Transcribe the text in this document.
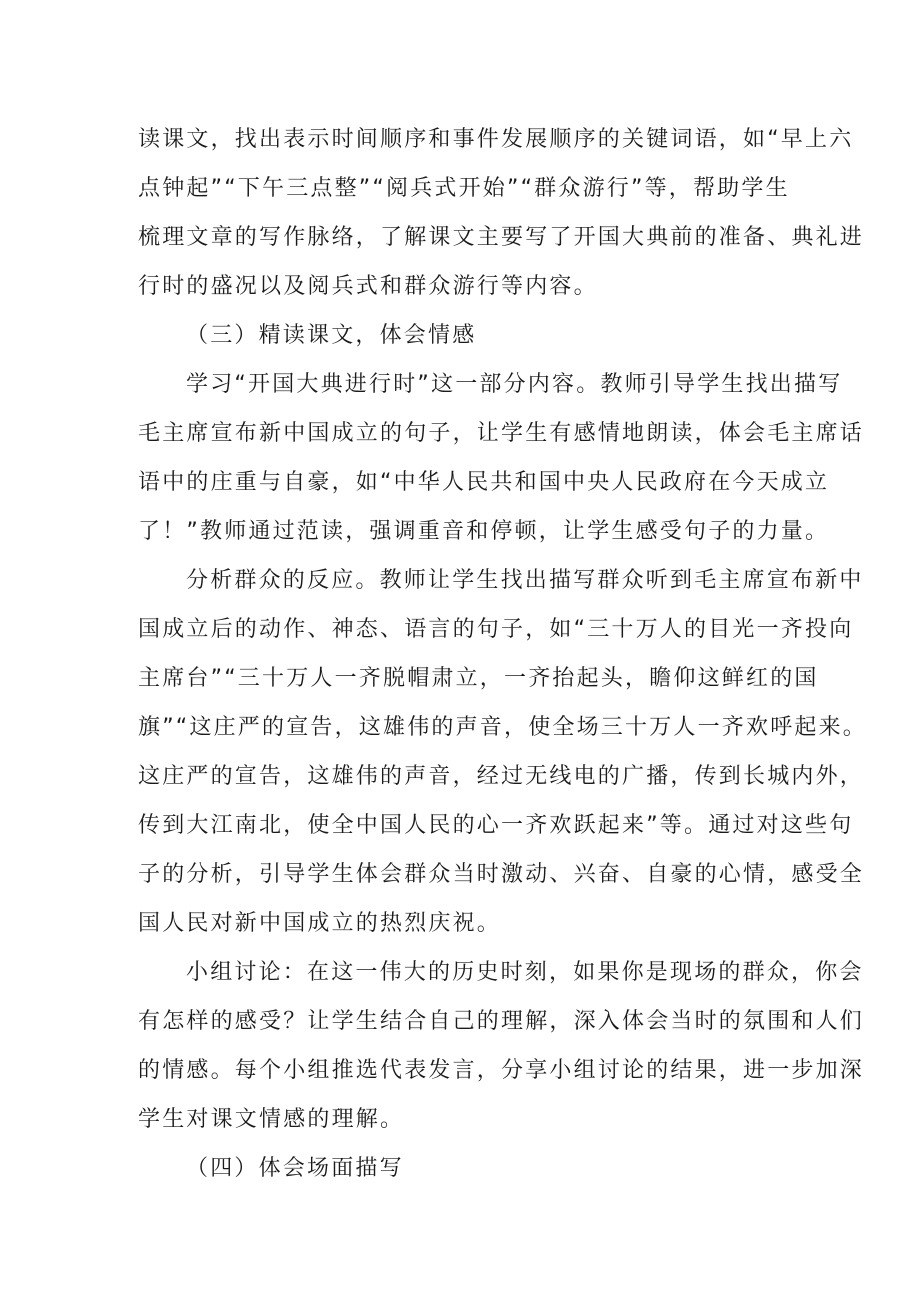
读课文，找出表示时间顺序和事件发展顺序的关键词语，如“早上六
点钟起”“下午三点整”“阅兵式开始”“群众游行”等，帮助学生
梳理文章的写作脉络，了解课文主要写了开国大典前的准备、典礼进
行时的盛况以及阅兵式和群众游行等内容。
（三）精读课文，体会情感
学习“开国大典进行时”这一部分内容。教师引导学生找出描写
毛主席宣布新中国成立的句子，让学生有感情地朗读，体会毛主席话
语中的庄重与自豪，如“中华人民共和国中央人民政府在今天成立
了！”教师通过范读，强调重音和停顿，让学生感受句子的力量。
分析群众的反应。教师让学生找出描写群众听到毛主席宣布新中
国成立后的动作、神态、语言的句子，如“三十万人的目光一齐投向
主席台”“三十万人一齐脱帽肃立，一齐抬起头，瞻仰这鲜红的国
旗”“这庄严的宣告，这雄伟的声音，使全场三十万人一齐欢呼起来。
这庄严的宣告，这雄伟的声音，经过无线电的广播，传到长城内外，
传到大江南北，使全中国人民的心一齐欢跃起来”等。通过对这些句
子的分析，引导学生体会群众当时激动、兴奋、自豪的心情，感受全
国人民对新中国成立的热烈庆祝。
小组讨论：在这一伟大的历史时刻，如果你是现场的群众，你会
有怎样的感受？让学生结合自己的理解，深入体会当时的氛围和人们
的情感。每个小组推选代表发言，分享小组讨论的结果，进一步加深
学生对课文情感的理解。
（四）体会场面描写
